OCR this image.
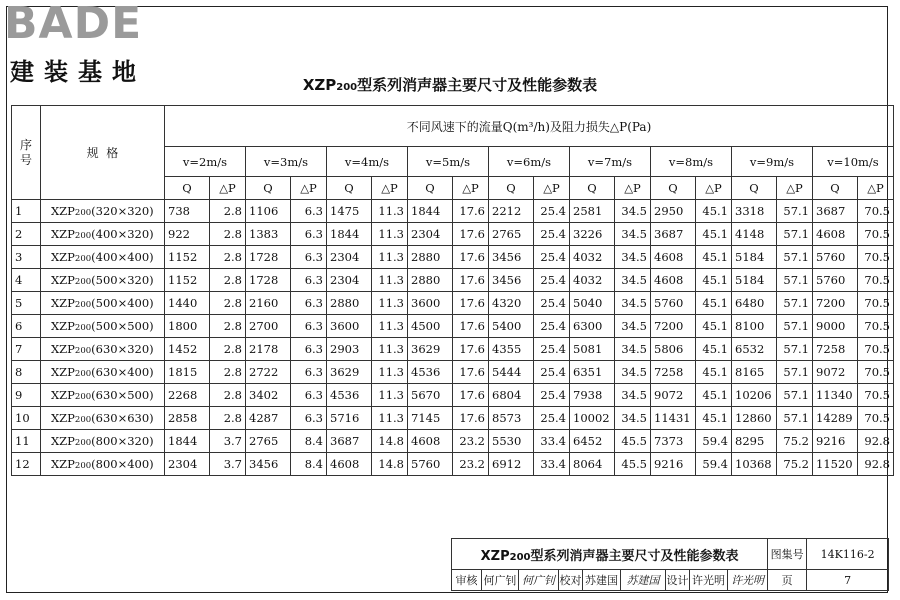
BADE
建装基地	XZP200型系列消声器主要尺寸及性能参数表
序号	规  格	不同风速下的流量Q(m³/h)及阻力损失△P(Pa)																	
		v=2m/s		v=3m/s		v=4m/s		v=5m/s		v=6m/s		v=7m/s		v=8m/s		v=9m/s		v=10m/s	
		Q	△P	Q	△P	Q	△P	Q	△P	Q	△P	Q	△P	Q	△P	Q	△P	Q	△P
1	XZP200(320×320)	738	2.8	1106	6.3	1475	11.3	1844	17.6	2212	25.4	2581	34.5	2950	45.1	3318	57.1	3687	70.5
2	XZP200(400×320)	922	2.8	1383	6.3	1844	11.3	2304	17.6	2765	25.4	3226	34.5	3687	45.1	4148	57.1	4608	70.5
3	XZP200(400×400)	1152	2.8	1728	6.3	2304	11.3	2880	17.6	3456	25.4	4032	34.5	4608	45.1	5184	57.1	5760	70.5
4	XZP200(500×320)	1152	2.8	1728	6.3	2304	11.3	2880	17.6	3456	25.4	4032	34.5	4608	45.1	5184	57.1	5760	70.5
5	XZP200(500×400)	1440	2.8	2160	6.3	2880	11.3	3600	17.6	4320	25.4	5040	34.5	5760	45.1	6480	57.1	7200	70.5
6	XZP200(500×500)	1800	2.8	2700	6.3	3600	11.3	4500	17.6	5400	25.4	6300	34.5	7200	45.1	8100	57.1	9000	70.5
7	XZP200(630×320)	1452	2.8	2178	6.3	2903	11.3	3629	17.6	4355	25.4	5081	34.5	5806	45.1	6532	57.1	7258	70.5
8	XZP200(630×400)	1815	2.8	2722	6.3	3629	11.3	4536	17.6	5444	25.4	6351	34.5	7258	45.1	8165	57.1	9072	70.5
9	XZP200(630×500)	2268	2.8	3402	6.3	4536	11.3	5670	17.6	6804	25.4	7938	34.5	9072	45.1	10206	57.1	11340	70.5
10	XZP200(630×630)	2858	2.8	4287	6.3	5716	11.3	7145	17.6	8573	25.4	10002	34.5	11431	45.1	12860	57.1	14289	70.5
11	XZP200(800×320)	1844	3.7	2765	8.4	3687	14.8	4608	23.2	5530	33.4	6452	45.5	7373	59.4	8295	75.2	9216	92.8
12	XZP200(800×400)	2304	3.7	3456	8.4	4608	14.8	5760	23.2	6912	33.4	8064	45.5	9216	59.4	10368	75.2	11520	92.8
XZP200型系列消声器主要尺寸及性能参数表									图集号	14K116-2
审核	何广钊	何广钊	校对	苏建国	苏建国	设计	许光明	许光明	页	7
